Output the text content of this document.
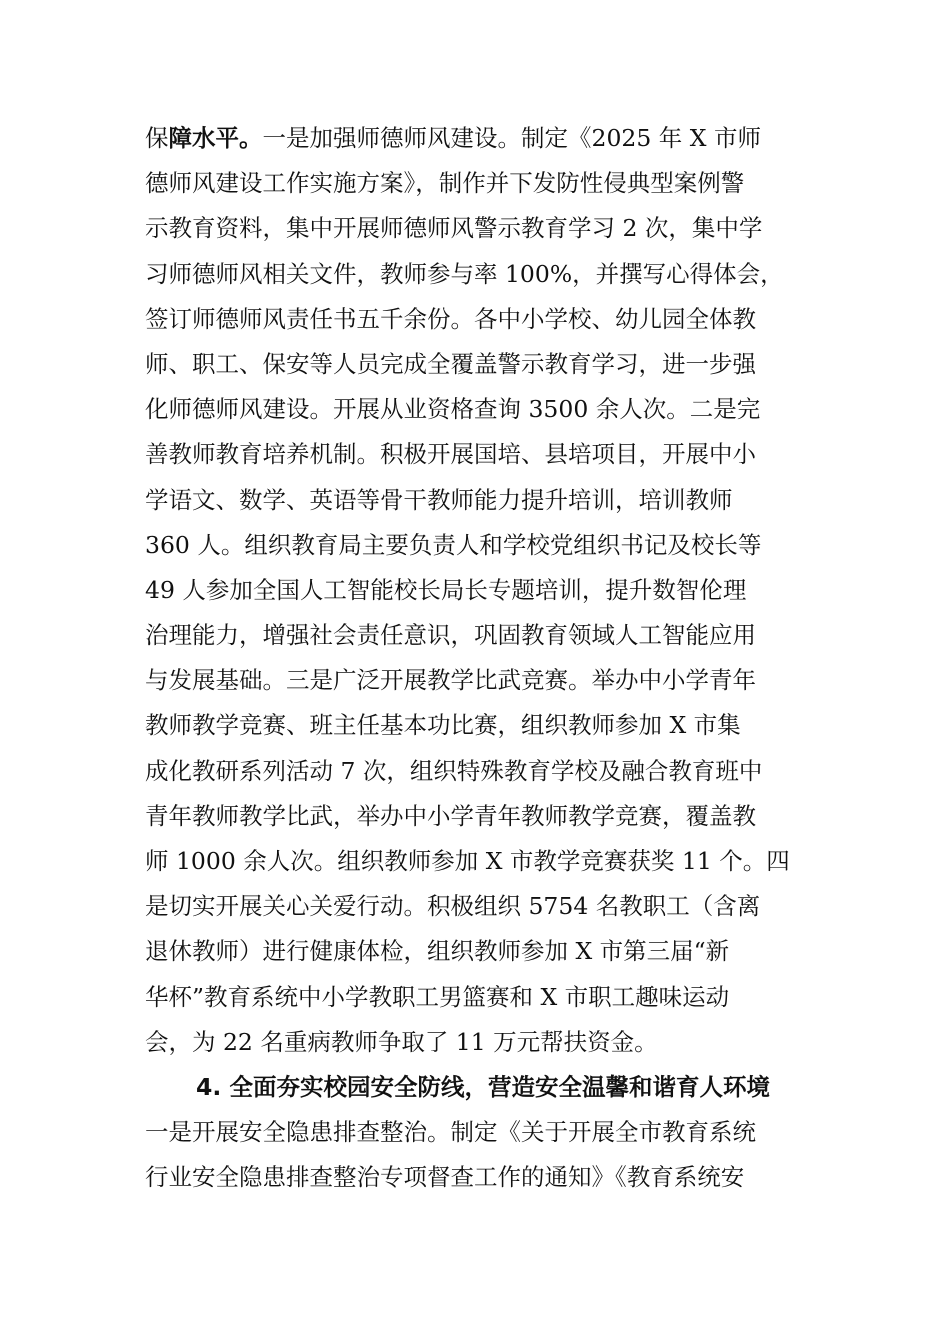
保障水平。一是加强师德师风建设。制定《2025 年 X 市师
德师风建设工作实施方案》，制作并下发防性侵典型案例警
示教育资料，集中开展师德师风警示教育学习 2 次，集中学
习师德师风相关文件，教师参与率 100%，并撰写心得体会，
签订师德师风责任书五千余份。各中小学校、幼儿园全体教
师、职工、保安等人员完成全覆盖警示教育学习，进一步强
化师德师风建设。开展从业资格查询 3500 余人次。二是完
善教师教育培养机制。积极开展国培、县培项目，开展中小
学语文、数学、英语等骨干教师能力提升培训，培训教师
360 人。组织教育局主要负责人和学校党组织书记及校长等
49 人参加全国人工智能校长局长专题培训，提升数智伦理
治理能力，增强社会责任意识，巩固教育领域人工智能应用
与发展基础。三是广泛开展教学比武竞赛。举办中小学青年
教师教学竞赛、班主任基本功比赛，组织教师参加 X 市集
成化教研系列活动 7 次，组织特殊教育学校及融合教育班中
青年教师教学比武，举办中小学青年教师教学竞赛，覆盖教
师 1000 余人次。组织教师参加 X 市教学竞赛获奖 11 个。四
是切实开展关心关爱行动。积极组织 5754 名教职工（含离
退休教师）进行健康体检，组织教师参加 X 市第三届“新
华杯”教育系统中小学教职工男篮赛和 X 市职工趣味运动
会，为 22 名重病教师争取了 11 万元帮扶资金。
4. 全面夯实校园安全防线，营造安全温馨和谐育人环境
一是开展安全隐患排查整治。制定《关于开展全市教育系统
行业安全隐患排查整治专项督查工作的通知》《教育系统安
